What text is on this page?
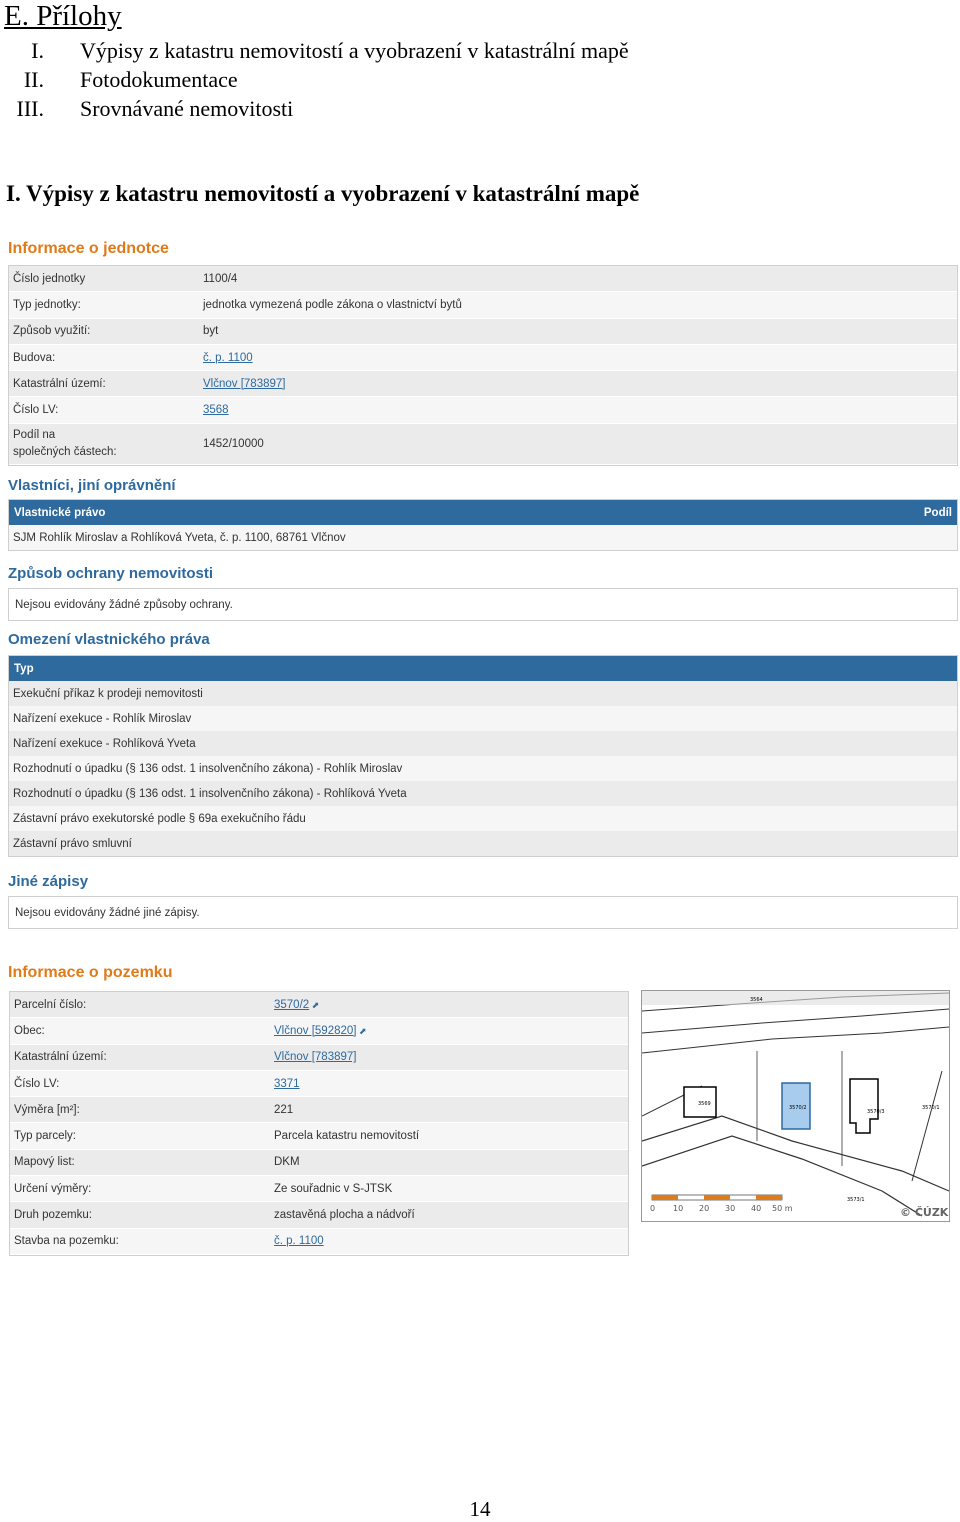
E. Přílohy
I. Výpisy z katastru nemovitostí a vyobrazení v katastrální mapě
II. Fotodokumentace
III. Srovnávané nemovitosti
I. Výpisy z katastru nemovitostí a vyobrazení v katastrální mapě
Informace o jednotce
Číslo jednotky	1100/4
Typ jednotky:	jednotka vymezená podle zákona o vlastnictví bytů
Způsob využití:	byt
Budova:	č. p. 1100
Katastrální území:	Vlčnov [783897]
Číslo LV:	3568
Podíl na
společných částech:
1452/10000
Vlastníci, jiní oprávnění
Vlastnické právo	Podíl
SJM Rohlík Miroslav a Rohlíková Yveta, č. p. 1100, 68761 Vlčnov
Způsob ochrany nemovitosti
Nejsou evidovány žádné způsoby ochrany.
Omezení vlastnického práva
Typ
Exekuční příkaz k prodeji nemovitosti
Nařízení exekuce - Rohlík Miroslav
Nařízení exekuce - Rohlíková Yveta
Rozhodnutí o úpadku (§ 136 odst. 1 insolvenčního zákona) - Rohlík Miroslav
Rozhodnutí o úpadku (§ 136 odst. 1 insolvenčního zákona) - Rohlíková Yveta
Zástavní právo exekutorské podle § 69a exekučního řádu
Zástavní právo smluvní
Jiné zápisy
Nejsou evidovány žádné jiné zápisy.
Informace o pozemku
Parcelní číslo:	3570/2 ⬈
Obec:	Vlčnov [592820] ⬈
Katastrální území:	Vlčnov [783897]
Číslo LV:	3371
Výměra [m²]:	221
Typ parcely:	Parcela katastru nemovitostí
Mapový list:	DKM
Určení výměry:	Ze souřadnic v S-JTSK
Druh pozemku:	zastavěná plocha a nádvoří
Stavba na pozemku:	č. p. 1100
3570/2
3570/3
3569
3570/1
3564
3573/1
0 10 20 30 40 50 m	© ČÚZK
14
